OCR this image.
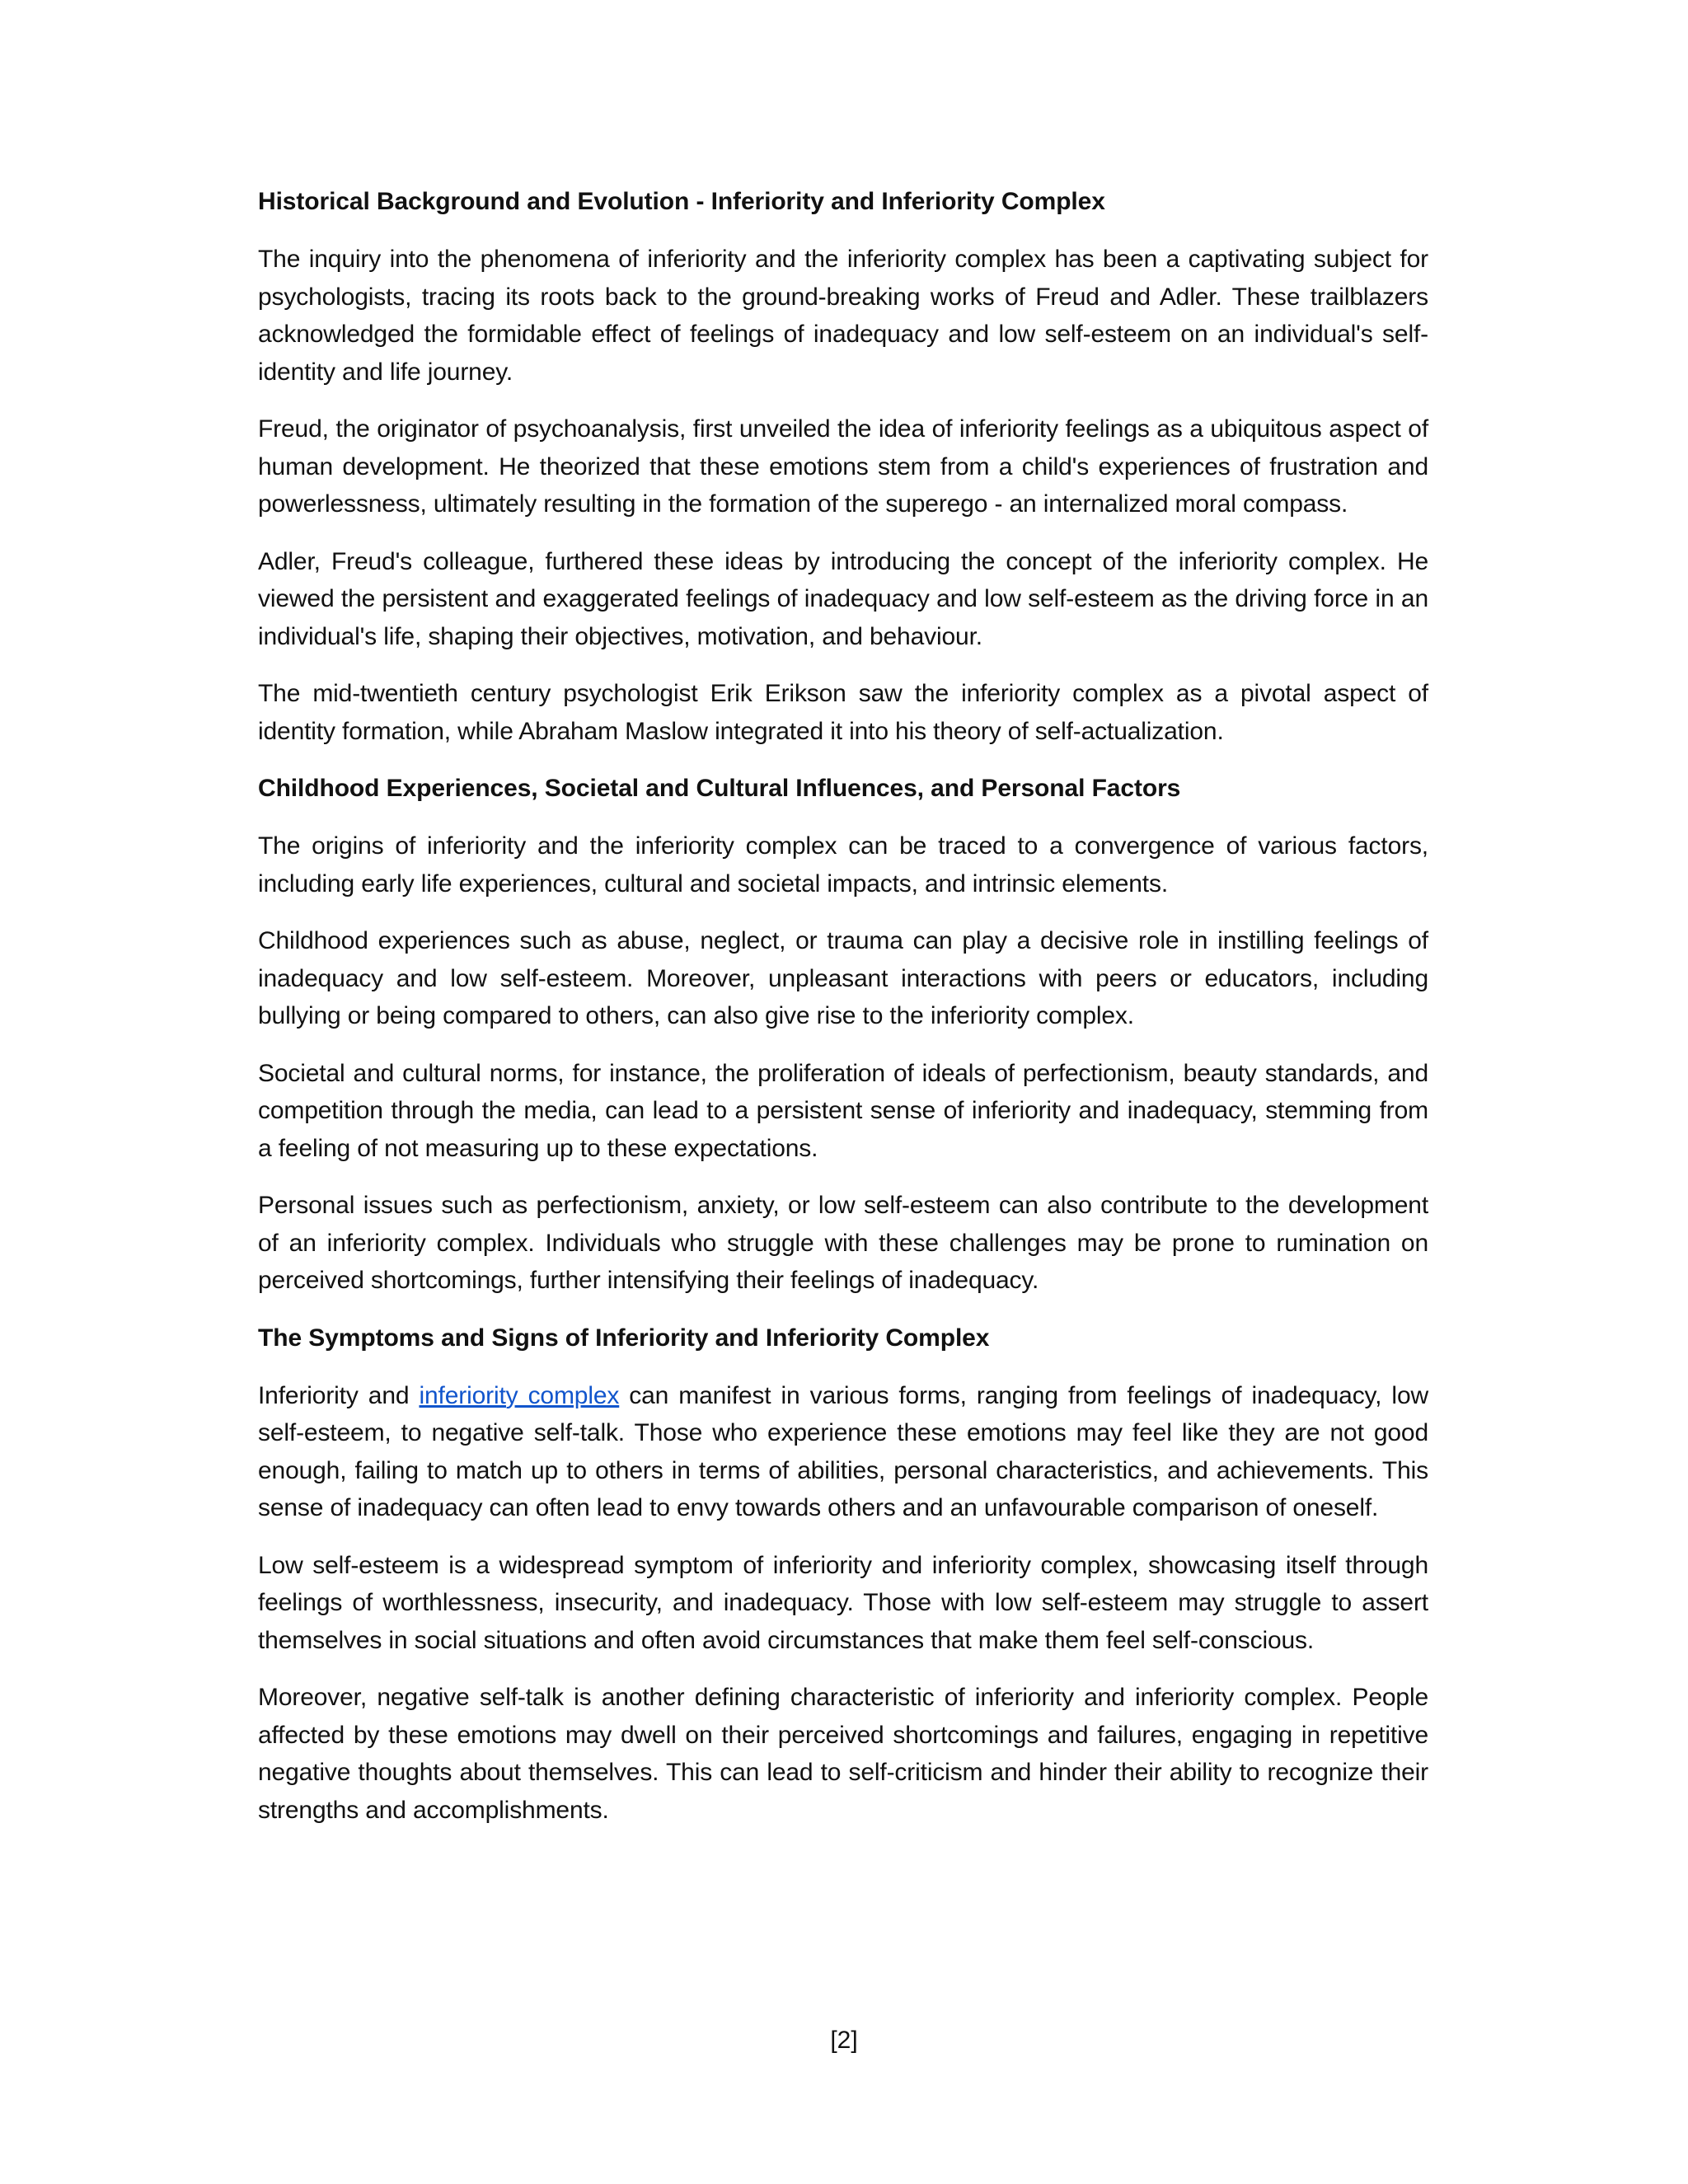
Historical Background and Evolution - Inferiority and Inferiority Complex

The inquiry into the phenomena of inferiority and the inferiority complex has been a captivating subject for psychologists, tracing its roots back to the ground-breaking works of Freud and Adler. These trailblazers acknowledged the formidable effect of feelings of inadequacy and low self-esteem on an individual's self-identity and life journey.

Freud, the originator of psychoanalysis, first unveiled the idea of inferiority feelings as a ubiquitous aspect of human development. He theorized that these emotions stem from a child's experiences of frustration and powerlessness, ultimately resulting in the formation of the superego - an internalized moral compass.

Adler, Freud's colleague, furthered these ideas by introducing the concept of the inferiority complex. He viewed the persistent and exaggerated feelings of inadequacy and low self-esteem as the driving force in an individual's life, shaping their objectives, motivation, and behaviour.

The mid-twentieth century psychologist Erik Erikson saw the inferiority complex as a pivotal aspect of identity formation, while Abraham Maslow integrated it into his theory of self-actualization.

Childhood Experiences, Societal and Cultural Influences, and Personal Factors

The origins of inferiority and the inferiority complex can be traced to a convergence of various factors, including early life experiences, cultural and societal impacts, and intrinsic elements.

Childhood experiences such as abuse, neglect, or trauma can play a decisive role in instilling feelings of inadequacy and low self-esteem. Moreover, unpleasant interactions with peers or educators, including bullying or being compared to others, can also give rise to the inferiority complex.

Societal and cultural norms, for instance, the proliferation of ideals of perfectionism, beauty standards, and competition through the media, can lead to a persistent sense of inferiority and inadequacy, stemming from a feeling of not measuring up to these expectations.

Personal issues such as perfectionism, anxiety, or low self-esteem can also contribute to the development of an inferiority complex. Individuals who struggle with these challenges may be prone to rumination on perceived shortcomings, further intensifying their feelings of inadequacy.

The Symptoms and Signs of Inferiority and Inferiority Complex

Inferiority and inferiority complex can manifest in various forms, ranging from feelings of inadequacy, low self-esteem, to negative self-talk. Those who experience these emotions may feel like they are not good enough, failing to match up to others in terms of abilities, personal characteristics, and achievements. This sense of inadequacy can often lead to envy towards others and an unfavourable comparison of oneself.

Low self-esteem is a widespread symptom of inferiority and inferiority complex, showcasing itself through feelings of worthlessness, insecurity, and inadequacy. Those with low self-esteem may struggle to assert themselves in social situations and often avoid circumstances that make them feel self-conscious.

Moreover, negative self-talk is another defining characteristic of inferiority and inferiority complex. People affected by these emotions may dwell on their perceived shortcomings and failures, engaging in repetitive negative thoughts about themselves. This can lead to self-criticism and hinder their ability to recognize their strengths and accomplishments.

[2]
